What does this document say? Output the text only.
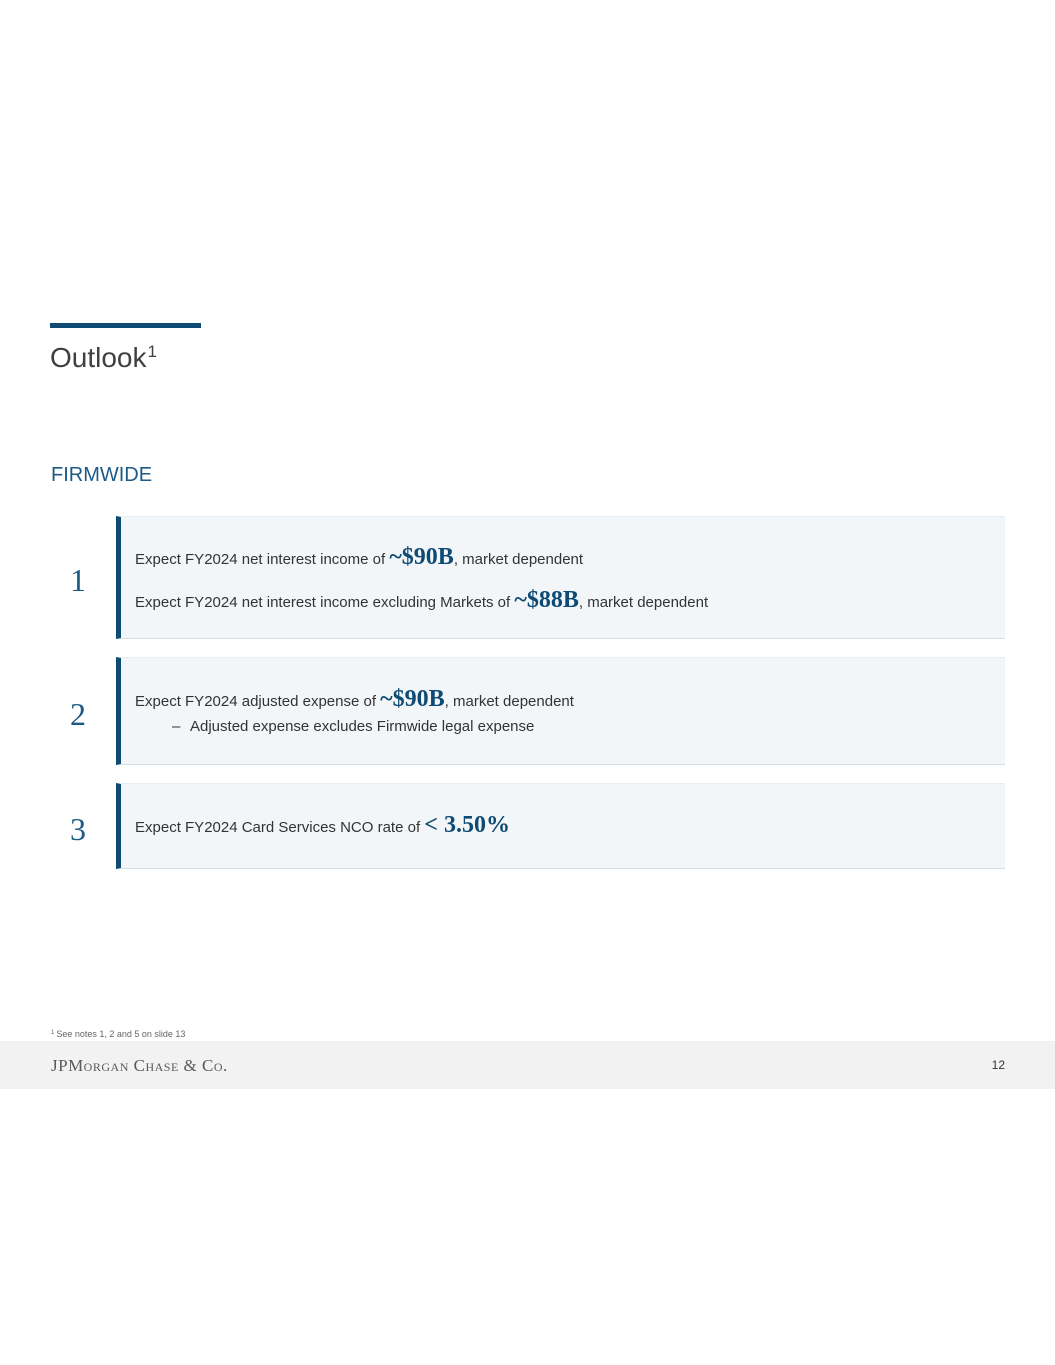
Outlook$^1$
FIRMWIDE
1
Expect FY2024 net interest income of ~$90B, market dependent
Expect FY2024 net interest income excluding Markets of ~$88B, market dependent
2	Expect FY2024 adjusted expense of ~$90B, market dependent
– Adjusted expense excludes Firmwide legal expense
3	Expect FY2024 Card Services NCO rate of < 3.50%
$^1$ See notes 1, 2 and 5 on slide 13
JPMorgan Chase & Co.	12
